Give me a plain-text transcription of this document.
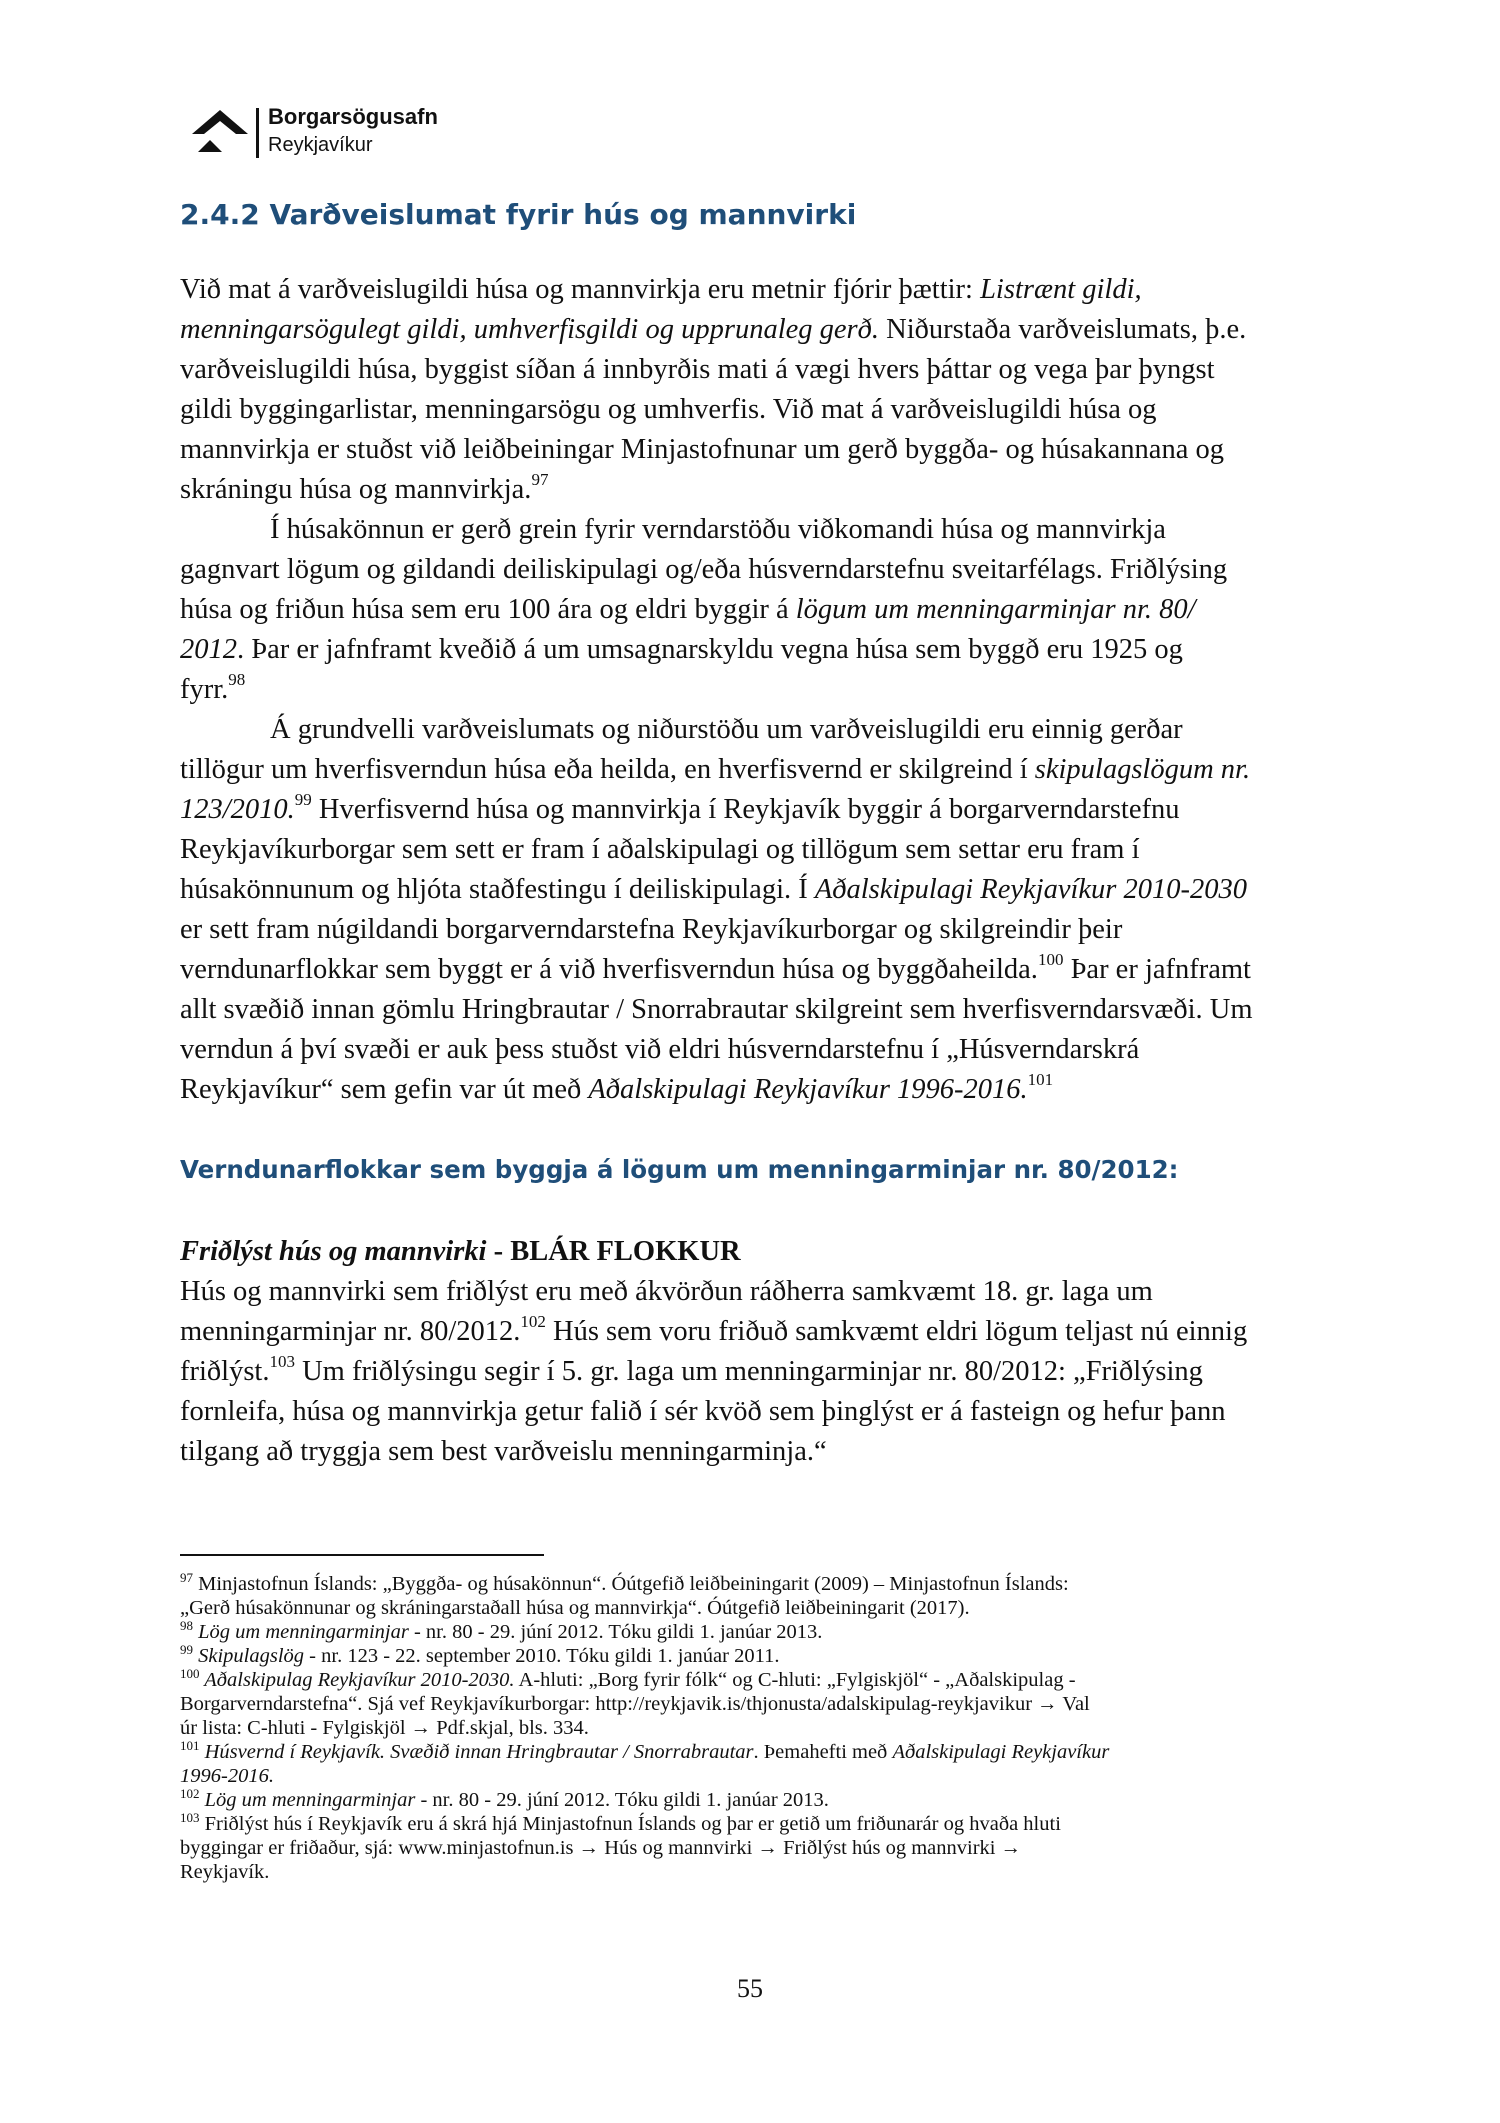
Borgarsögusafn
Reykjavíkur
2.4.2 Varðveislumat fyrir hús og mannvirki
Við mat á varðveislugildi húsa og mannvirkja eru metnir fjórir þættir: Listrænt gildi,
menningarsögulegt gildi, umhverfisgildi og upprunaleg gerð. Niðurstaða varðveislumats, þ.e.
varðveislugildi húsa, byggist síðan á innbyrðis mati á vægi hvers þáttar og vega þar þyngst
gildi byggingarlistar, menningarsögu og umhverfis. Við mat á varðveislugildi húsa og
mannvirkja er stuðst við leiðbeiningar Minjastofnunar um gerð byggða- og húsakannana og
skráningu húsa og mannvirkja.$^{97}$
Í húsakönnun er gerð grein fyrir verndarstöðu viðkomandi húsa og mannvirkja
gagnvart lögum og gildandi deiliskipulagi og/eða húsverndarstefnu sveitarfélags. Friðlýsing
húsa og friðun húsa sem eru 100 ára og eldri byggir á lögum um menningarminjar nr. 80/
2012. Þar er jafnframt kveðið á um umsagnarskyldu vegna húsa sem byggð eru 1925 og
fyrr.$^{98}$
Á grundvelli varðveislumats og niðurstöðu um varðveislugildi eru einnig gerðar
tillögur um hverfisverndun húsa eða heilda, en hverfisvernd er skilgreind í skipulagslögum nr.
123/2010.99 Hverfisvernd húsa og mannvirkja í Reykjavík byggir á borgarverndarstefnu
Reykjavíkurborgar sem sett er fram í aðalskipulagi og tillögum sem settar eru fram í
húsakönnunum og hljóta staðfestingu í deiliskipulagi. Í Aðalskipulagi Reykjavíkur 2010-2030
er sett fram núgildandi borgarverndarstefna Reykjavíkurborgar og skilgreindir þeir
verndunarflokkar sem byggt er á við hverfisverndun húsa og byggðaheilda.$^{100}$ Þar er jafnframt
allt svæðið innan gömlu Hringbrautar / Snorrabrautar skilgreint sem hverfisverndarsvæði. Um
verndun á því svæði er auk þess stuðst við eldri húsverndarstefnu í „Húsverndarskrá
Reykjavíkur“ sem gefin var út með Aðalskipulagi Reykjavíkur 1996-2016.$^{101}$
Verndunarflokkar sem byggja á lögum um menningarminjar nr. 80/2012:
Friðlýst hús og mannvirki - BLÁR FLOKKUR
Hús og mannvirki sem friðlýst eru með ákvörðun ráðherra samkvæmt 18. gr. laga um
menningarminjar nr. 80/2012.$^{102}$ Hús sem voru friðuð samkvæmt eldri lögum teljast nú einnig
friðlýst.$^{103}$ Um friðlýsingu segir í 5. gr. laga um menningarminjar nr. 80/2012: „Friðlýsing
fornleifa, húsa og mannvirkja getur falið í sér kvöð sem þinglýst er á fasteign og hefur þann
tilgang að tryggja sem best varðveislu menningarminja.“
$^{97}$ Minjastofnun Íslands: „Byggða- og húsakönnun“. Óútgefið leiðbeiningarit (2009) – Minjastofnun Íslands:
„Gerð húsakönnunar og skráningarstaðall húsa og mannvirkja“. Óútgefið leiðbeiningarit (2017).
$^{98}$ Lög um menningarminjar - nr. 80 - 29. júní 2012. Tóku gildi 1. janúar 2013.
$^{99}$ Skipulagslög - nr. 123 - 22. september 2010. Tóku gildi 1. janúar 2011.
$^{100}$ Aðalskipulag Reykjavíkur 2010-2030. A-hluti: „Borg fyrir fólk“ og C-hluti: „Fylgiskjöl“ - „Aðalskipulag -
Borgarverndarstefna“. Sjá vef Reykjavíkurborgar: http://reykjavik.is/thjonusta/adalskipulag-reykjavikur → Val
úr lista: C-hluti - Fylgiskjöl → Pdf.skjal, bls. 334.
$^{101}$ Húsvernd í Reykjavík. Svæðið innan Hringbrautar / Snorrabrautar. Þemahefti með Aðalskipulagi Reykjavíkur
1996-2016.
$^{102}$ Lög um menningarminjar - nr. 80 - 29. júní 2012. Tóku gildi 1. janúar 2013.
$^{103}$ Friðlýst hús í Reykjavík eru á skrá hjá Minjastofnun Íslands og þar er getið um friðunarár og hvaða hluti
byggingar er friðaður, sjá: www.minjastofnun.is → Hús og mannvirki → Friðlýst hús og mannvirki →
Reykjavík.
55
